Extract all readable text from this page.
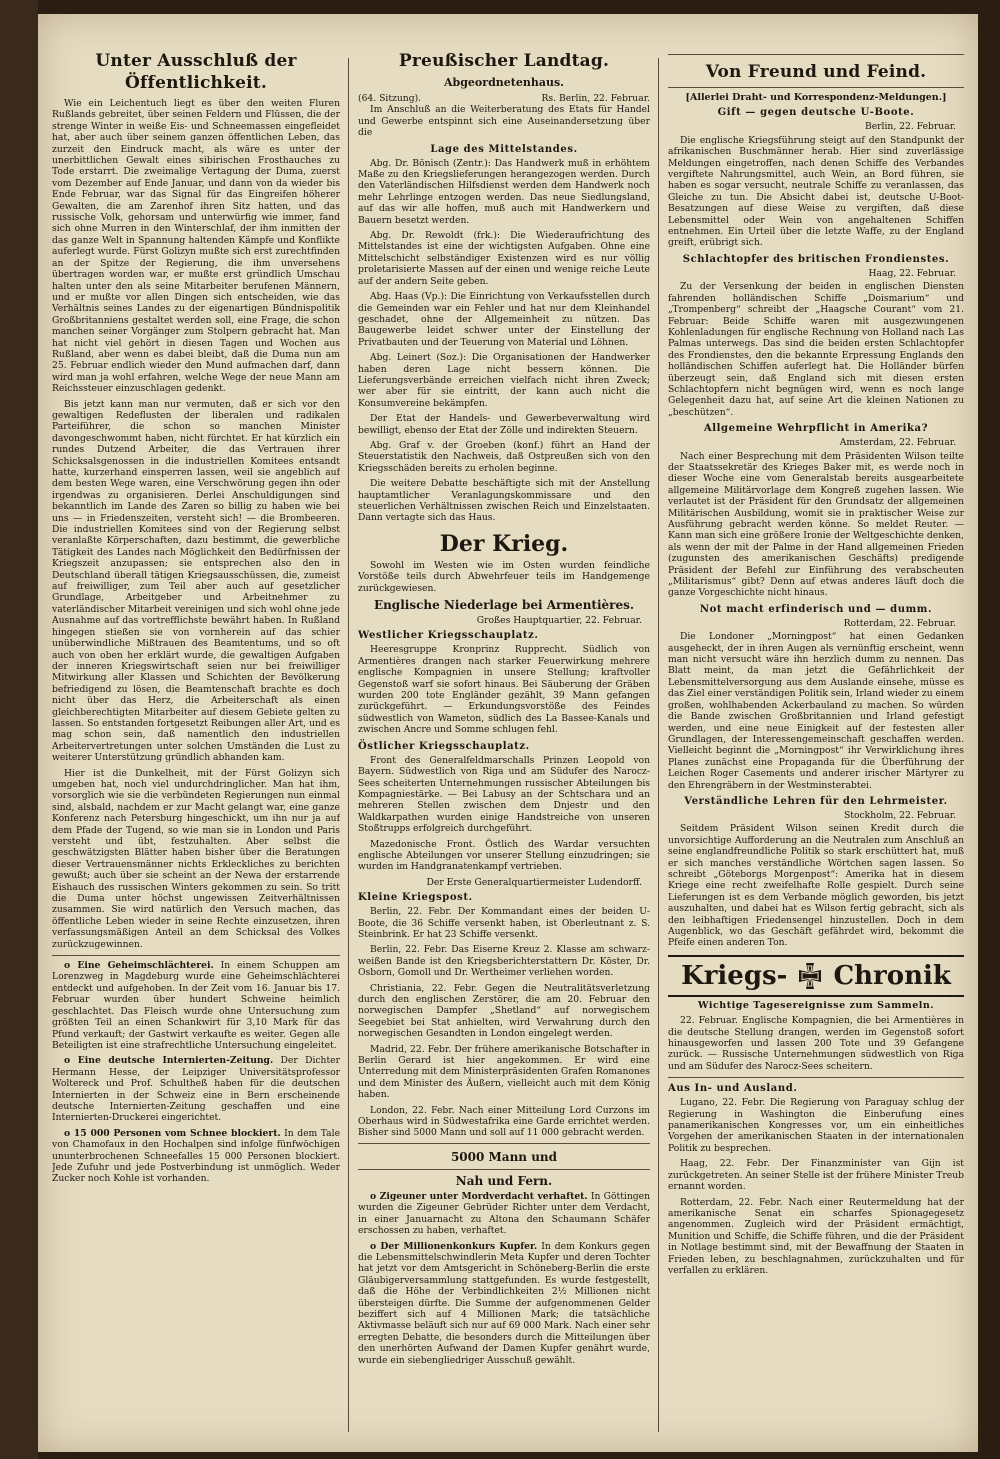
Unter Ausschluß der Öffentlichkeit.

Wie ein Leichentuch liegt es über den weiten Fluren Rußlands gebreitet, über seinen Feldern und Flüssen, die der strenge Winter in weiße Eis- und Schneemassen eingefleidet hat, aber auch über seinem ganzen öffentlichen Leben, das zurzeit den Eindruck macht, als wäre es unter der unerbittlichen Gewalt eines sibirischen Frosthauches zu Tode erstarrt. Die zweimalige Vertagung der Duma, zuerst vom Dezember auf Ende Januar, und dann von da wieder bis Ende Februar, war das Signal für das Eingreifen höherer Gewalten, die am Zarenhof ihren Sitz hatten, und das russische Volk, gehorsam und unterwürfig wie immer, fand sich ohne Murren in den Winterschlaf, der ihm inmitten der das ganze Welt in Spannung haltenden Kämpfe und Konflikte auferlegt wurde. Fürst Golizyn mußte sich erst zurechtfinden an der Spitze der Regierung, die ihm unversehens übertragen worden war, er mußte erst gründlich Umschau halten unter den als seine Mitarbeiter berufenen Männern, und er mußte vor allen Dingen sich entscheiden, wie das Verhältnis seines Landes zu der eigenartigen Bündnispolitik Großbritanniens gestaltet werden soll, eine Frage, die schon manchen seiner Vorgänger zum Stolpern gebracht hat. Man hat nicht viel gehört in diesen Tagen und Wochen aus Rußland, aber wenn es dabei bleibt, daß die Duma nun am 25. Februar endlich wieder den Mund aufmachen darf, dann wird man ja wohl erfahren, welche Wege der neue Mann am Reichssteuer einzuschlagen gedenkt.

Bis jetzt kann man nur vermuten, daß er sich vor den gewaltigen Redeflusten der liberalen und radikalen Parteiführer, die schon so manchen Minister davongeschwommt haben, nicht fürchtet. Er hat kürzlich ein rundes Dutzend Arbeiter, die das Vertrauen ihrer Schicksalsgenossen in die industriellen Komitees entsandt hatte, kurzerhand einsperren lassen, weil sie angeblich auf dem besten Wege waren, eine Verschwörung gegen ihn oder irgendwas zu organisieren. Derlei Anschuldigungen sind bekanntlich im Lande des Zaren so billig zu haben wie bei uns — in Friedenszeiten, versteht sich! — die Brombeeren. Die industriellen Komitees sind von der Regierung selbst veranlaßte Körperschaften, dazu bestimmt, die gewerbliche Tätigkeit des Landes nach Möglichkeit den Bedürfnissen der Kriegszeit anzupassen; sie entsprechen also den in Deutschland überall tätigen Kriegsausschüssen, die, zumeist auf freiwilliger, zum Teil aber auch auf gesetzlicher Grundlage, Arbeitgeber und Arbeitnehmer zu vaterländischer Mitarbeit vereinigen und sich wohl ohne jede Ausnahme auf das vortrefflichste bewährt haben. In Rußland hingegen stießen sie von vornherein auf das schier unüberwindliche Mißtrauen des Beamtentums, und so oft auch von oben her erklärt wurde, die gewaltigen Aufgaben der inneren Kriegswirtschaft seien nur bei freiwilliger Mitwirkung aller Klassen und Schichten der Bevölkerung befriedigend zu lösen, die Beamtenschaft brachte es doch nicht über das Herz, die Arbeiterschaft als einen gleichberechtigten Mitarbeiter auf diesem Gebiete gelten zu lassen. So entstanden fortgesetzt Reibungen aller Art, und es mag schon sein, daß namentlich den industriellen Arbeitervertretungen unter solchen Umständen die Lust zu weiterer Unterstützung gründlich abhanden kam.

Hier ist die Dunkelheit, mit der Fürst Golizyn sich umgeben hat, noch viel undurchdringlicher. Man hat ihm, vorsorglich wie sie die verbündeten Regierungen nun einmal sind, alsbald, nachdem er zur Macht gelangt war, eine ganze Konferenz nach Petersburg hingeschickt, um ihn nur ja auf dem Pfade der Tugend, so wie man sie in London und Paris versteht und übt, festzuhalten. Aber selbst die geschwätzigsten Blätter haben bisher über die Beratungen dieser Vertrauensmänner nichts Erkleckliches zu berichten gewußt; auch über sie scheint an der Newa der erstarrende Eishauch des russischen Winters gekommen zu sein. So tritt die Duma unter höchst ungewissen Zeitverhältnissen zusammen. Sie wird natürlich den Versuch machen, das öffentliche Leben wieder in seine Rechte einzusetzen, ihren verfassungsmäßigen Anteil an dem Schicksal des Volkes zurückzugewinnen.

o Eine Geheimschlächterei. In einem Schuppen am Lorenzweg in Magdeburg wurde eine Geheimschlächterei entdeckt und aufgehoben. In der Zeit vom 16. Januar bis 17. Februar wurden über hundert Schweine heimlich geschlachtet. Das Fleisch wurde ohne Untersuchung zum größten Teil an einen Schankwirt für 3,10 Mark für das Pfund verkauft; der Gastwirt verkaufte es weiter. Gegen alle Beteiligten ist eine strafrechtliche Untersuchung eingeleitet.

o Eine deutsche Internierten-Zeitung. Der Dichter Hermann Hesse, der Leipziger Universitätsprofessor Woltereck und Prof. Schultheß haben für die deutschen Internierten in der Schweiz eine in Bern erscheinende deutsche Internierten-Zeitung geschaffen und eine Internierten-Druckerei eingerichtet.

o 15 000 Personen vom Schnee blockiert. In dem Tale von Chamofaux in den Hochalpen sind infolge fünfwöchigen ununterbrochenen Schneefalles 15 000 Personen blockiert. Jede Zufuhr und jede Postverbindung ist unmöglich. Weder Zucker noch Kohle ist vorhanden.

Preußischer Landtag.
Abgeordnetenhaus.
(64. Sitzung).	Rs. Berlin, 22. Februar.

Im Anschluß an die Weiterberatung des Etats für Handel und Gewerbe entspinnt sich eine Auseinandersetzung über die

Lage des Mittelstandes.

Abg. Dr. Bönisch (Zentr.): Das Handwerk muß in erhöhtem Maße zu den Kriegslieferungen herangezogen werden. Durch den Vaterländischen Hilfsdienst werden dem Handwerk noch mehr Lehrlinge entzogen werden. Das neue Siedlungsland, auf das wir alle hoffen, muß auch mit Handwerkern und Bauern besetzt werden.

Abg. Dr. Rewoldt (frk.): Die Wiederaufrichtung des Mittelstandes ist eine der wichtigsten Aufgaben. Ohne eine Mittelschicht selbständiger Existenzen wird es nur völlig proletarisierte Massen auf der einen und wenige reiche Leute auf der andern Seite geben.

Abg. Haas (Vp.): Die Einrichtung von Verkaufsstellen durch die Gemeinden war ein Fehler und hat nur dem Kleinhandel geschadet, ohne der Allgemeinheit zu nützen. Das Baugewerbe leidet schwer unter der Einstellung der Privatbauten und der Teuerung von Material und Löhnen.

Abg. Leinert (Soz.): Die Organisationen der Handwerker haben deren Lage nicht bessern können. Die Lieferungsverbände erreichen vielfach nicht ihren Zweck; wer aber für sie eintritt, der kann auch nicht die Konsumvereine bekämpfen.

Der Etat der Handels- und Gewerbeverwaltung wird bewilligt, ebenso der Etat der Zölle und indirekten Steuern.

Abg. Graf v. der Groeben (konf.) führt an Hand der Steuerstatistik den Nachweis, daß Ostpreußen sich von den Kriegsschäden bereits zu erholen beginne.

Die weitere Debatte beschäftigte sich mit der Anstellung hauptamtlicher Veranlagungskommissare und den steuerlichen Verhältnissen zwischen Reich und Einzelstaaten. Dann vertagte sich das Haus.

Der Krieg.

Sowohl im Westen wie im Osten wurden feindliche Vorstöße teils durch Abwehrfeuer teils im Handgemenge zurückgewiesen.

Englische Niederlage bei Armentières.
Großes Hauptquartier, 22. Februar.
Westlicher Kriegsschauplatz.

Heeresgruppe Kronprinz Rupprecht. Südlich von Armentières drangen nach starker Feuerwirkung mehrere englische Kompagnien in unsere Stellung; kraftvoller Gegenstoß warf sie sofort hinaus. Bei Säuberung der Gräben wurden 200 tote Engländer gezählt, 39 Mann gefangen zurückgeführt. — Erkundungsvorstöße des Feindes südwestlich von Wameton, südlich des La Bassee-Kanals und zwischen Ancre und Somme schlugen fehl.

Östlicher Kriegsschauplatz.

Front des Generalfeldmarschalls Prinzen Leopold von Bayern. Südwestlich von Riga und am Südufer des Narocz-Sees scheiterten Unternehmungen russischer Abteilungen bis Kompagniestärke. — Bei Labusy an der Schtschara und an mehreren Stellen zwischen dem Dnjestr und den Waldkarpathen wurden einige Handstreiche von unseren Stoßtrupps erfolgreich durchgeführt.

Mazedonische Front. Östlich des Wardar versuchten englische Abteilungen vor unserer Stellung einzudringen; sie wurden im Handgranatenkampf vertrieben.

Der Erste Generalquartiermeister Ludendorff.
Kleine Kriegspost.

Berlin, 22. Febr. Der Kommandant eines der beiden U-Boote, die 36 Schiffe versenkt haben, ist Oberleutnant z. S. Steinbrink. Er hat 23 Schiffe versenkt.

Berlin, 22. Febr. Das Eiserne Kreuz 2. Klasse am schwarz-weißen Bande ist den Kriegsberichterstattern Dr. Köster, Dr. Osborn, Gomoll und Dr. Wertheimer verliehen worden.

Christiania, 22. Febr. Gegen die Neutralitätsverletzung durch den englischen Zerstörer, die am 20. Februar den norwegischen Dampfer „Shetland“ auf norwegischem Seegebiet bei Stat anhielten, wird Verwahrung durch den norwegischen Gesandten in London eingelegt werden.

Madrid, 22. Febr. Der frühere amerikanische Botschafter in Berlin Gerard ist hier angekommen. Er wird eine Unterredung mit dem Ministerpräsidenten Grafen Romanones und dem Minister des Äußern, vielleicht auch mit dem König haben.

London, 22. Febr. Nach einer Mitteilung Lord Curzons im Oberhaus wird in Südwestafrika eine Garde errichtet werden. Bisher sind 5000 Mann und soll auf 11 000 gebracht werden.

5000 Mann und
Nah und Fern.

o Zigeuner unter Mordverdacht verhaftet. In Göttingen wurden die Zigeuner Gebrüder Richter unter dem Verdacht, in einer Januarnacht zu Altona den Schaumann Schäfer erschossen zu haben, verhaftet.

o Der Millionenkonkurs Kupfer. In dem Konkurs gegen die Lebensmittelschwindlerin Meta Kupfer und deren Tochter hat jetzt vor dem Amtsgericht in Schöneberg-Berlin die erste Gläubigerversammlung stattgefunden. Es wurde festgestellt, daß die Höhe der Verbindlichkeiten 2½ Millionen nicht übersteigen dürfte. Die Summe der aufgenommenen Gelder beziffert sich auf 4 Millionen Mark; die tatsächliche Aktivmasse beläuft sich nur auf 69 000 Mark. Nach einer sehr erregten Debatte, die besonders durch die Mitteilungen über den unerhörten Aufwand der Damen Kupfer genährt wurde, wurde ein siebengliedriger Ausschuß gewählt.

Von Freund und Feind.
[Allerlei Draht- und Korrespondenz-Meldungen.]
Gift — gegen deutsche U-Boote.
Berlin, 22. Februar.

Die englische Kriegsführung steigt auf den Standpunkt der afrikanischen Buschmänner herab. Hier sind zuverlässige Meldungen eingetroffen, nach denen Schiffe des Verbandes vergiftete Nahrungsmittel, auch Wein, an Bord führen, sie haben es sogar versucht, neutrale Schiffe zu veranlassen, das Gleiche zu tun. Die Absicht dabei ist, deutsche U-Boot-Besatzungen auf diese Weise zu vergiften, daß diese Lebensmittel oder Wein von angehaltenen Schiffen entnehmen. Ein Urteil über die letzte Waffe, zu der England greift, erübrigt sich.

Schlachtopfer des britischen Frondienstes.
Haag, 22. Februar.

Zu der Versenkung der beiden in englischen Diensten fahrenden holländischen Schiffe „Doismarium“ und „Trompenberg“ schreibt der „Haagsche Courant“ vom 21. Februar: Beide Schiffe waren mit ausgezwungenen Kohlenladungen für englische Rechnung von Holland nach Las Palmas unterwegs. Das sind die beiden ersten Schlachtopfer des Frondienstes, den die bekannte Erpressung Englands den holländischen Schiffen auferlegt hat. Die Holländer bürfen überzeugt sein, daß England sich mit diesen ersten Schlachtopfern nicht begnügen wird, wenn es noch lange Gelegenheit dazu hat, auf seine Art die kleinen Nationen zu „beschützen“.

Allgemeine Wehrpflicht in Amerika?
Amsterdam, 22. Februar.

Nach einer Besprechung mit dem Präsidenten Wilson teilte der Staatssekretär des Krieges Baker mit, es werde noch in dieser Woche eine vom Generalstab bereits ausgearbeitete allgemeine Militärvorlage dem Kongreß zugehen lassen. Wie verlautet ist der Präsident für den Grundsatz der allgemeinen Militärischen Ausbildung, womit sie in praktischer Weise zur Ausführung gebracht werden könne. So meldet Reuter. — Kann man sich eine größere Ironie der Weltgeschichte denken, als wenn der mit der Palme in der Hand allgemeinen Frieden (zugunsten des amerikanischen Geschäfts) predigende Präsident der Befehl zur Einführung des verabscheuten „Militarismus“ gibt? Denn auf etwas anderes läuft doch die ganze Vorgeschichte nicht hinaus.

Not macht erfinderisch und — dumm.
Rotterdam, 22. Februar.

Die Londoner „Morningpost“ hat einen Gedanken ausgeheckt, der in ihren Augen als vernünftig erscheint, wenn man nicht versucht wäre ihn herzlich dumm zu nennen. Das Blatt meint, da man jetzt die Gefährlichkeit der Lebensmittelversorgung aus dem Auslande einsehe, müsse es das Ziel einer verständigen Politik sein, Irland wieder zu einem großen, wohlhabenden Ackerbauland zu machen. So würden die Bande zwischen Großbritannien und Irland gefestigt werden, und eine neue Einigkeit auf der festesten aller Grundlagen, der Interessengemeinschaft geschaffen werden. Vielleicht beginnt die „Morningpost“ ihr Verwirklichung ihres Planes zunächst eine Propaganda für die Überführung der Leichen Roger Casements und anderer irischer Märtyrer zu den Ehrengräbern in der Westminsterabtei.

Verständliche Lehren für den Lehrmeister.
Stockholm, 22. Februar.

Seitdem Präsident Wilson seinen Kredit durch die unvorsichtige Aufforderung an die Neutralen zum Anschluß an seine englandfreundliche Politik so stark erschüttert hat, muß er sich manches verständliche Wörtchen sagen lassen. So schreibt „Göteborgs Morgenpost“: Amerika hat in diesem Kriege eine recht zweifelhafte Rolle gespielt. Durch seine Lieferungen ist es dem Verbande möglich geworden, bis jetzt auszuhalten, und dabei hat es Wilson fertig gebracht, sich als den leibhaftigen Friedensengel hinzustellen. Doch in dem Augenblick, wo das Geschäft gefährdet wird, bekommt die Pfeife einen anderen Ton.

Kriegs- Chronik
Wichtige Tagesereignisse zum Sammeln.

22. Februar. Englische Kompagnien, die bei Armentières in die deutsche Stellung drangen, werden im Gegenstoß sofort hinausgeworfen und lassen 200 Tote und 39 Gefangene zurück. — Russische Unternehmungen südwestlich von Riga und am Südufer des Narocz-Sees scheitern.

Aus In- und Ausland.

Lugano, 22. Febr. Die Regierung von Paraguay schlug der Regierung in Washington die Einberufung eines panamerikanischen Kongresses vor, um ein einheitliches Vorgehen der amerikanischen Staaten in der internationalen Politik zu besprechen.

Haag, 22. Febr. Der Finanzminister van Gijn ist zurückgetreten. An seiner Stelle ist der frühere Minister Treub ernannt worden.

Rotterdam, 22. Febr. Nach einer Reutermeldung hat der amerikanische Senat ein scharfes Spionagegesetz angenommen. Zugleich wird der Präsident ermächtigt, Munition und Schiffe, die Schiffe führen, und die der Präsident in Notlage bestimmt sind, mit der Bewaffnung der Staaten in Frieden leben, zu beschlagnahmen, zurückzuhalten und für verfallen zu erklären.
